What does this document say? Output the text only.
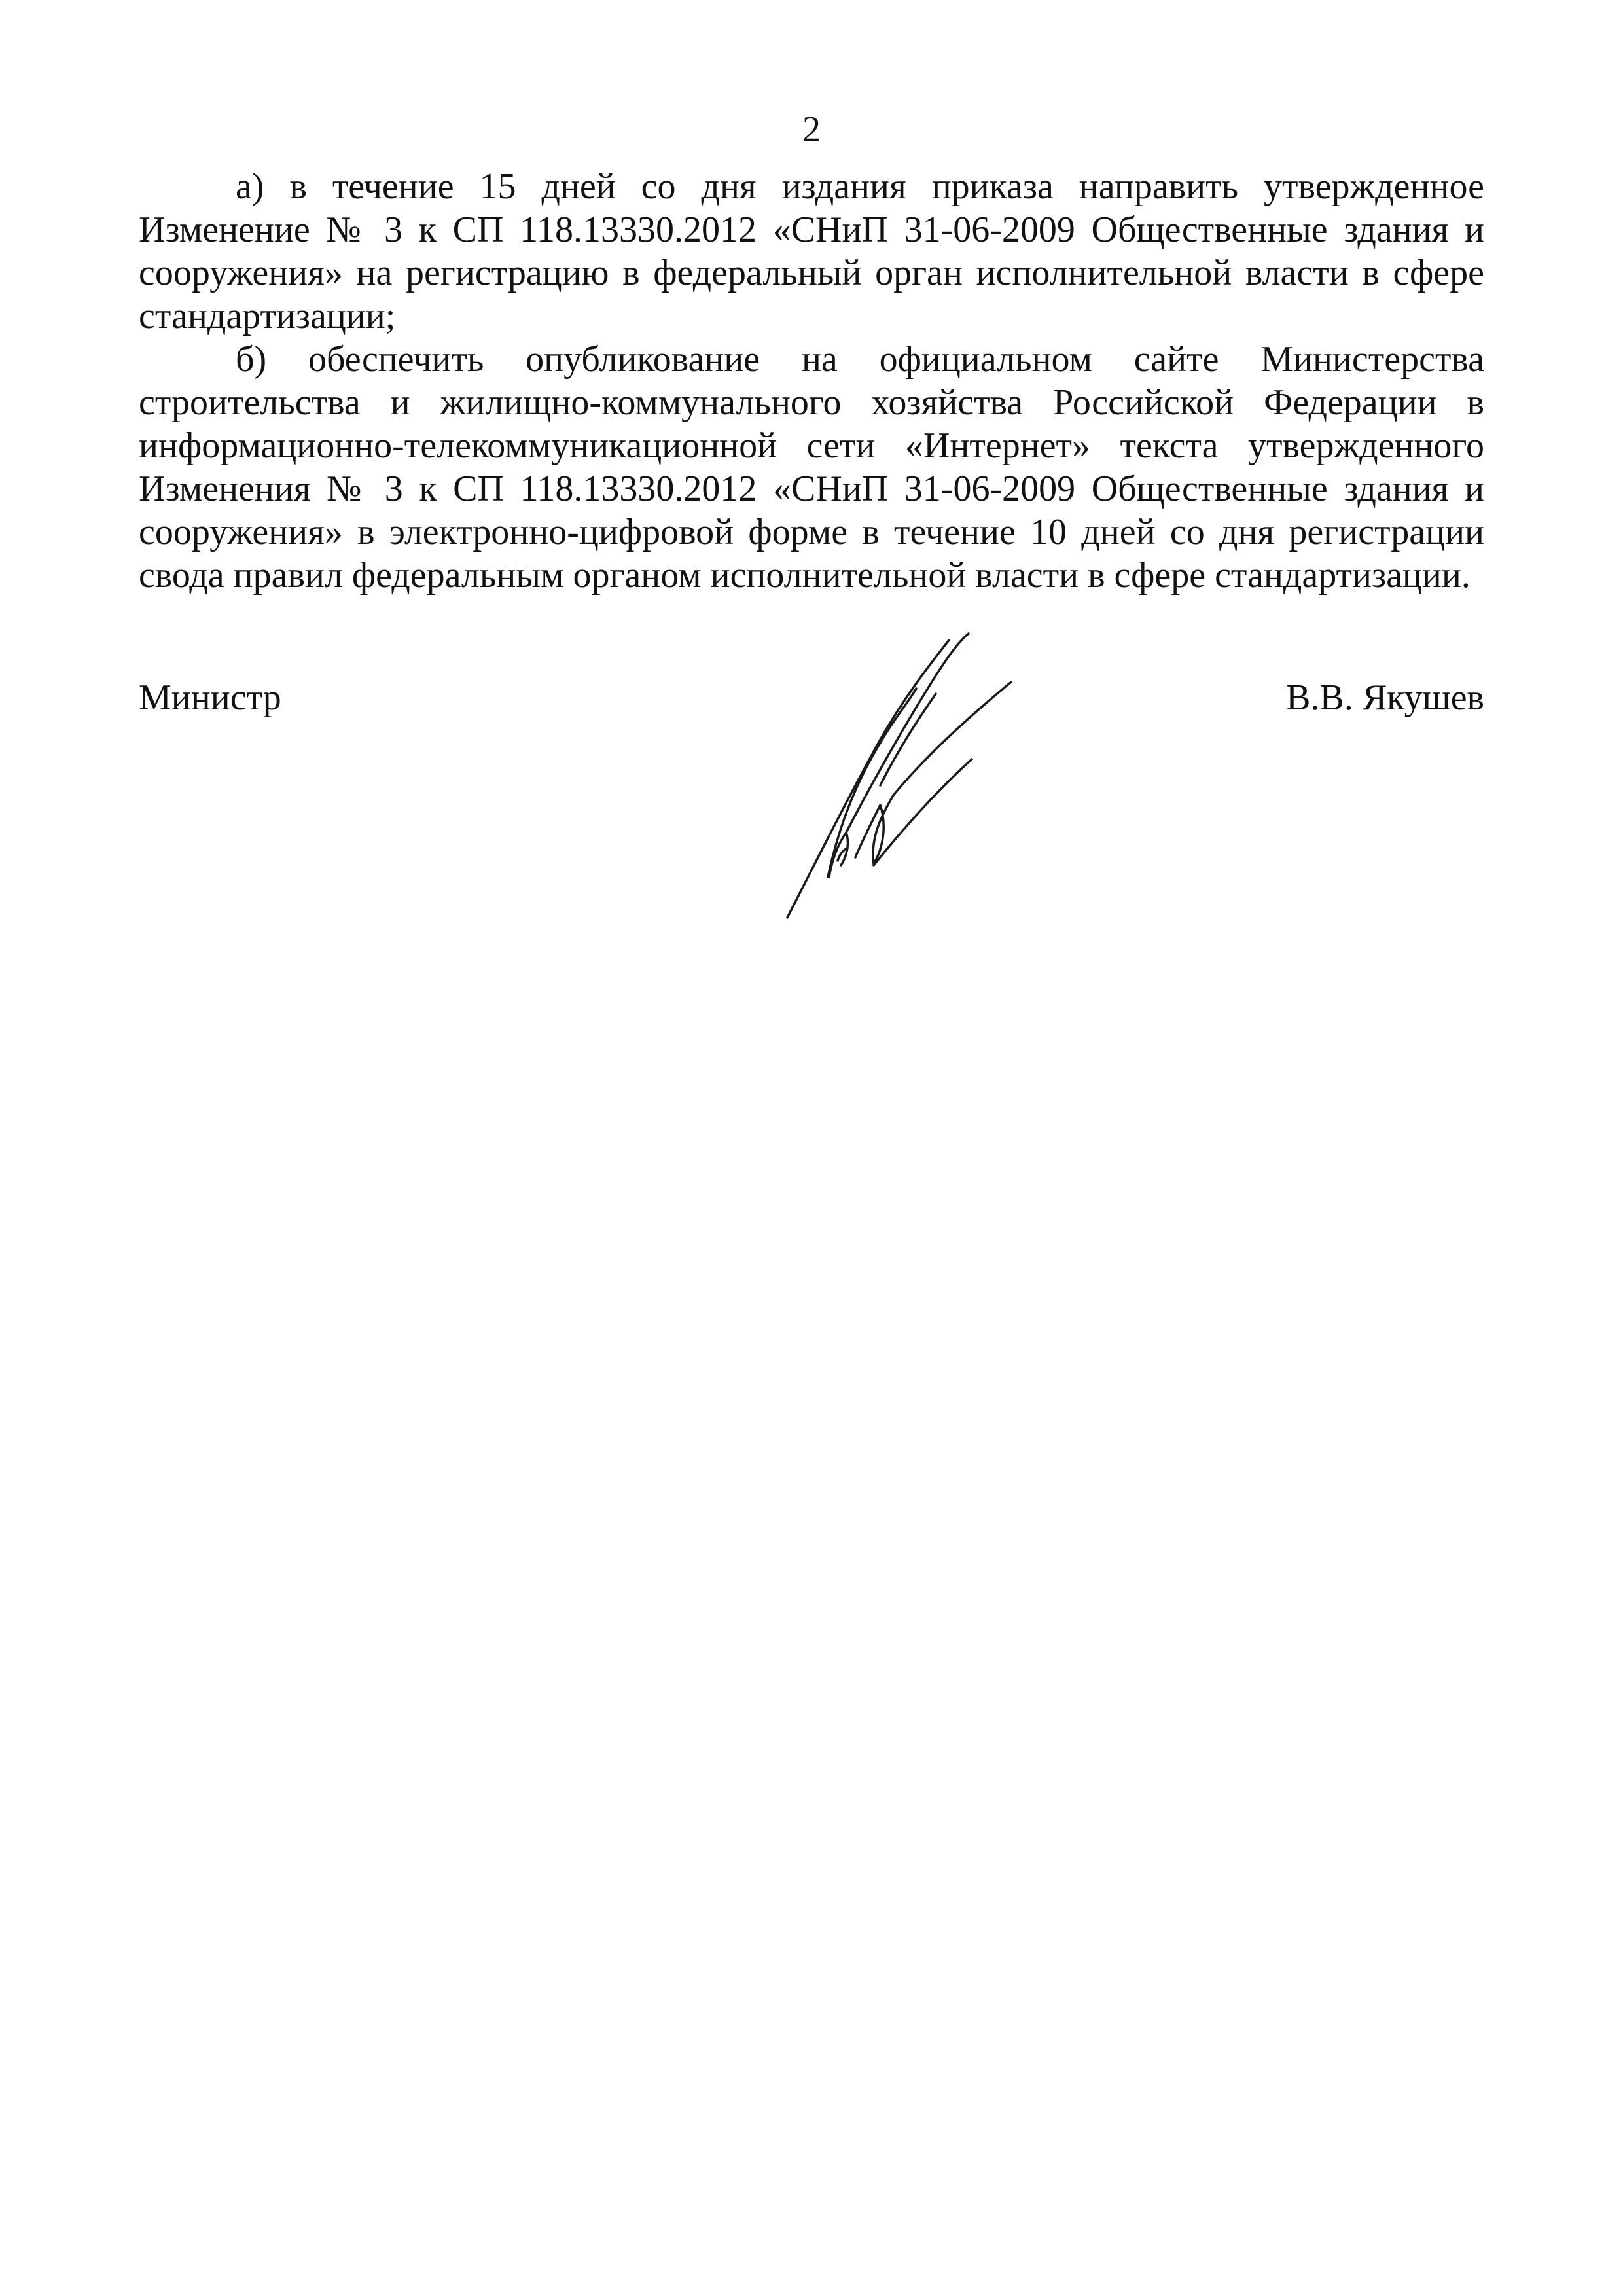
2

а) в течение 15 дней со дня издания приказа направить утвержденное Изменение № 3 к СП 118.13330.2012 «СНиП 31-06-2009 Общественные здания и сооружения» на регистрацию в федеральный орган исполнительной власти в сфере стандартизации;

б) обеспечить опубликование на официальном сайте Министерства строительства и жилищно-коммунального хозяйства Российской Федерации в информационно-телекоммуникационной сети «Интернет» текста утвержденного Изменения № 3 к СП 118.13330.2012 «СНиП 31-06-2009 Общественные здания и сооружения» в электронно-цифровой форме в течение 10 дней со дня регистрации свода правил федеральным органом исполнительной власти в сфере стандартизации.

Министр	В.В. Якушев
